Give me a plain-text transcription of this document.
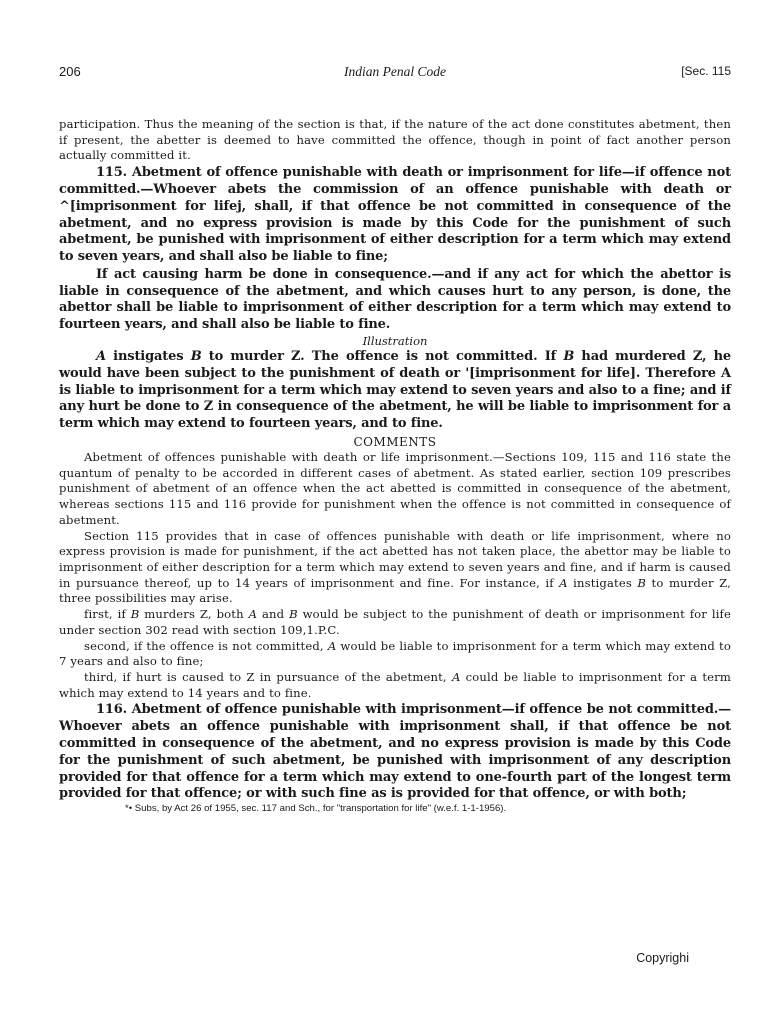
206	Indian Penal Code	[Sec. 115

participation. Thus the meaning of the section is that, if the nature of the act done constitutes abetment, then if present, the abetter is deemed to have committed the offence, though in point of fact another person actually committed it.

115. Abetment of offence punishable with death or imprisonment for life—if offence not committed.—Whoever abets the commission of an offence punishable with death or ^[imprisonment for lifej, shall, if that offence be not committed in consequence of the abetment, and no express provision is made by this Code for the punishment of such abetment, be punished with imprisonment of either description for a term which may extend to seven years, and shall also be liable to fine;

If act causing harm be done in consequence.—and if any act for which the abettor is liable in consequence of the abetment, and which causes hurt to any person, is done, the abettor shall be liable to imprisonment of either description for a term which may extend to fourteen years, and shall also be liable to fine.

Illustration

A instigates B to murder Z. The offence is not committed. If B had murdered Z, he would have been subject to the punishment of death or '[imprisonment for life]. Therefore A is liable to imprisonment for a term which may extend to seven years and also to a fine; and if any hurt be done to Z in consequence of the abetment, he will be liable to imprisonment for a term which may extend to fourteen years, and to fine.

COMMENTS

Abetment of offences punishable with death or life imprisonment.—Sections 109, 115 and 116 state the quantum of penalty to be accorded in different cases of abetment. As stated earlier, section 109 prescribes punishment of abetment of an offence when the act abetted is committed in consequence of the abetment, whereas sections 115 and 116 provide for punishment when the offence is not committed in consequence of abetment.

Section 115 provides that in case of offences punishable with death or life imprisonment, where no express provision is made for punishment, if the act abetted has not taken place, the abettor may be liable to imprisonment of either description for a term which may extend to seven years and fine, and if harm is caused in pursuance thereof, up to 14 years of imprisonment and fine. For instance, if A instigates B to murder Z, three possibilities may arise.

first, if B murders Z, both A and B would be subject to the punishment of death or imprisonment for life under section 302 read with section 109,1.P.C.

second, if the offence is not committed, A would be liable to imprisonment for a term which may extend to 7 years and also to fine;

third, if hurt is caused to Z in pursuance of the abetment, A could be liable to imprisonment for a term which may extend to 14 years and to fine.

116. Abetment of offence punishable with imprisonment—if offence be not committed.—Whoever abets an offence punishable with imprisonment shall, if that offence be not committed in consequence of the abetment, and no express provision is made by this Code for the punishment of such abetment, be punished with imprisonment of any description provided for that offence for a term which may extend to one-fourth part of the longest term provided for that offence; or with such fine as is provided for that offence, or with both;

*• Subs, by Act 26 of 1955, sec. 117 and Sch., for "transportation for life" (w.e.f. 1-1-1956).

Copyrighi
